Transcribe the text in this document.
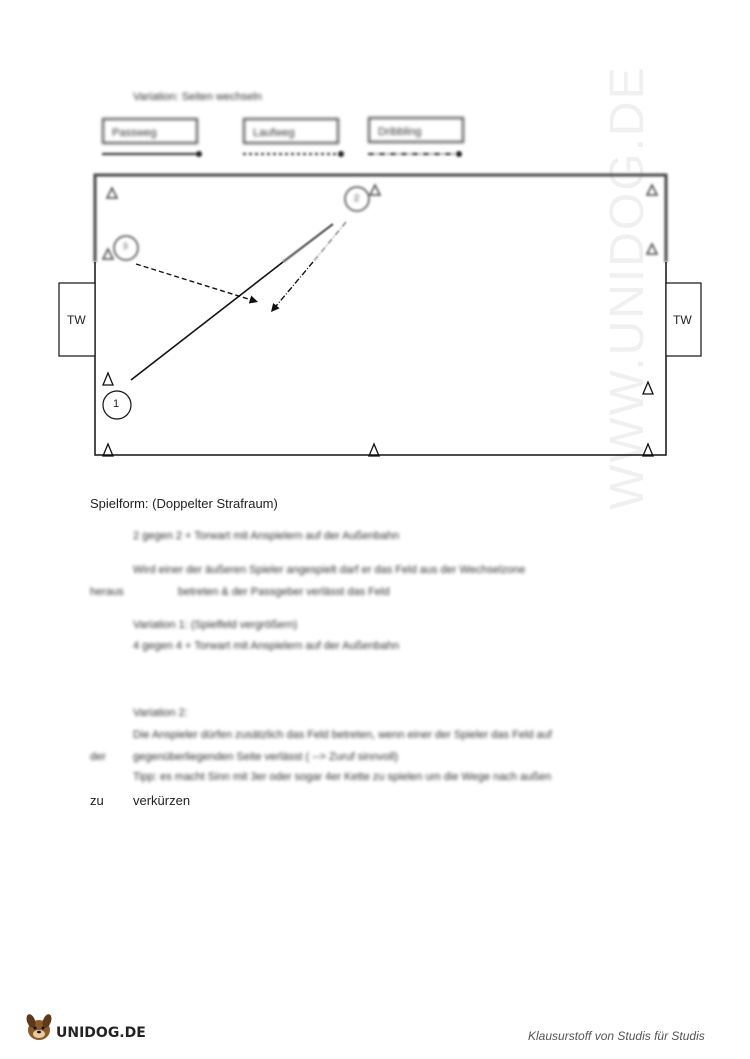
WWW.UNIDOG.DE
Variation: Seiten wechseln
Passweg	Laufweg	Dribbling
TW	TW
1
2
3
Spielform: (Doppelter Strafraum)
2 gegen 2 + Torwart mit Anspielern auf der Außenbahn
Wird einer der äußeren Spieler angespielt darf er das Feld aus der Wechselzone
heraus	betreten & der Passgeber verlässt das Feld
Variation 1: (Spielfeld vergrößern)
4 gegen 4 + Torwart mit Anspielern auf der Außenbahn
Variation 2:
Die Anspieler dürfen zusätzlich das Feld betreten, wenn einer der Spieler das Feld auf
der gegenüberliegenden Seite verlässt ( --> Zuruf sinnvoll)
Tipp: es macht Sinn mit 3er oder sogar 4er Kette zu spielen um die Wege nach außen
zu verkürzen
UNIDOG.DE	Klausurstoff von Studis für Studis
